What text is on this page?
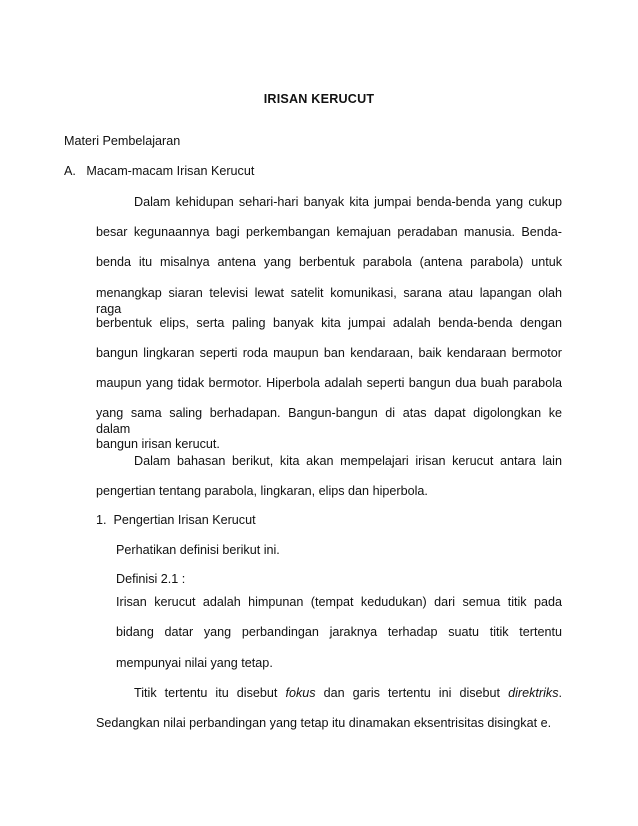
IRISAN KERUCUT
Materi Pembelajaran
A.   Macam-macam Irisan Kerucut
Dalam kehidupan sehari-hari banyak kita jumpai benda-benda yang cukup
besar kegunaannya bagi perkembangan kemajuan peradaban manusia. Benda-
benda itu misalnya antena yang berbentuk parabola (antena parabola) untuk
menangkap siaran televisi lewat satelit komunikasi, sarana atau lapangan olah raga
berbentuk elips, serta paling banyak kita jumpai adalah benda-benda dengan
bangun lingkaran seperti roda maupun ban kendaraan, baik kendaraan bermotor
maupun yang tidak bermotor. Hiperbola adalah seperti bangun dua buah parabola
yang sama saling berhadapan. Bangun-bangun di atas dapat digolongkan ke dalam
bangun irisan kerucut.
Dalam bahasan berikut, kita akan mempelajari irisan kerucut antara lain
pengertian tentang parabola, lingkaran, elips dan hiperbola.
1.  Pengertian Irisan Kerucut
Perhatikan definisi berikut ini.
Definisi 2.1 :
Irisan kerucut adalah himpunan (tempat kedudukan) dari semua titik pada
bidang datar yang perbandingan jaraknya terhadap suatu titik tertentu
mempunyai nilai yang tetap.
Titik tertentu itu disebut fokus dan garis tertentu ini disebut direktriks.
Sedangkan nilai perbandingan yang tetap itu dinamakan eksentrisitas disingkat e.
